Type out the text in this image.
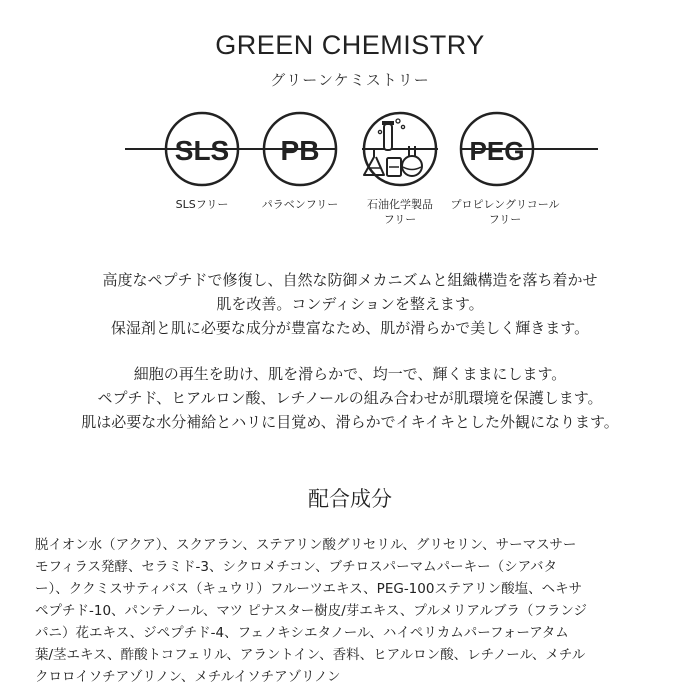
GREEN CHEMISTRY
グリーンケミストリー
SLS PB	PEG
SLSフリー	パラベンフリー	石油化学製品
フリー
プロピレングリコール
フリー

高度なペプチドで修復し、自然な防御メカニズムと組織構造を落ち着かせ

肌を改善。コンディションを整えます。

保湿剤と肌に必要な成分が豊富なため、肌が滑らかで美しく輝きます。

細胞の再生を助け、肌を滑らかで、均一で、輝くままにします。

ペプチド、ヒアルロン酸、レチノールの組み合わせが肌環境を保護します。

肌は必要な水分補給とハリに目覚め、滑らかでイキイキとした外観になります。

配合成分

脱イオン水（アクア）、スクアラン、ステアリン酸グリセリル、グリセリン、サーマスサー

モフィラス発酵、セラミド-3、シクロメチコン、ブチロスパーマムパーキー（シアバタ

ー）、ククミスサティバス（キュウリ）フルーツエキス、PEG-100ステアリン酸塩、ヘキサ

ペプチド-10、パンテノール、マツ ピナスター樹皮/芽エキス、プルメリアルブラ（フランジ

パニ）花エキス、ジペプチド-4、フェノキシエタノール、ハイペリカムパーフォーアタム

葉/茎エキス、酢酸トコフェリル、アラントイン、香料、ヒアルロン酸、レチノール、メチル

クロロイソチアゾリノン、メチルイソチアゾリノン
